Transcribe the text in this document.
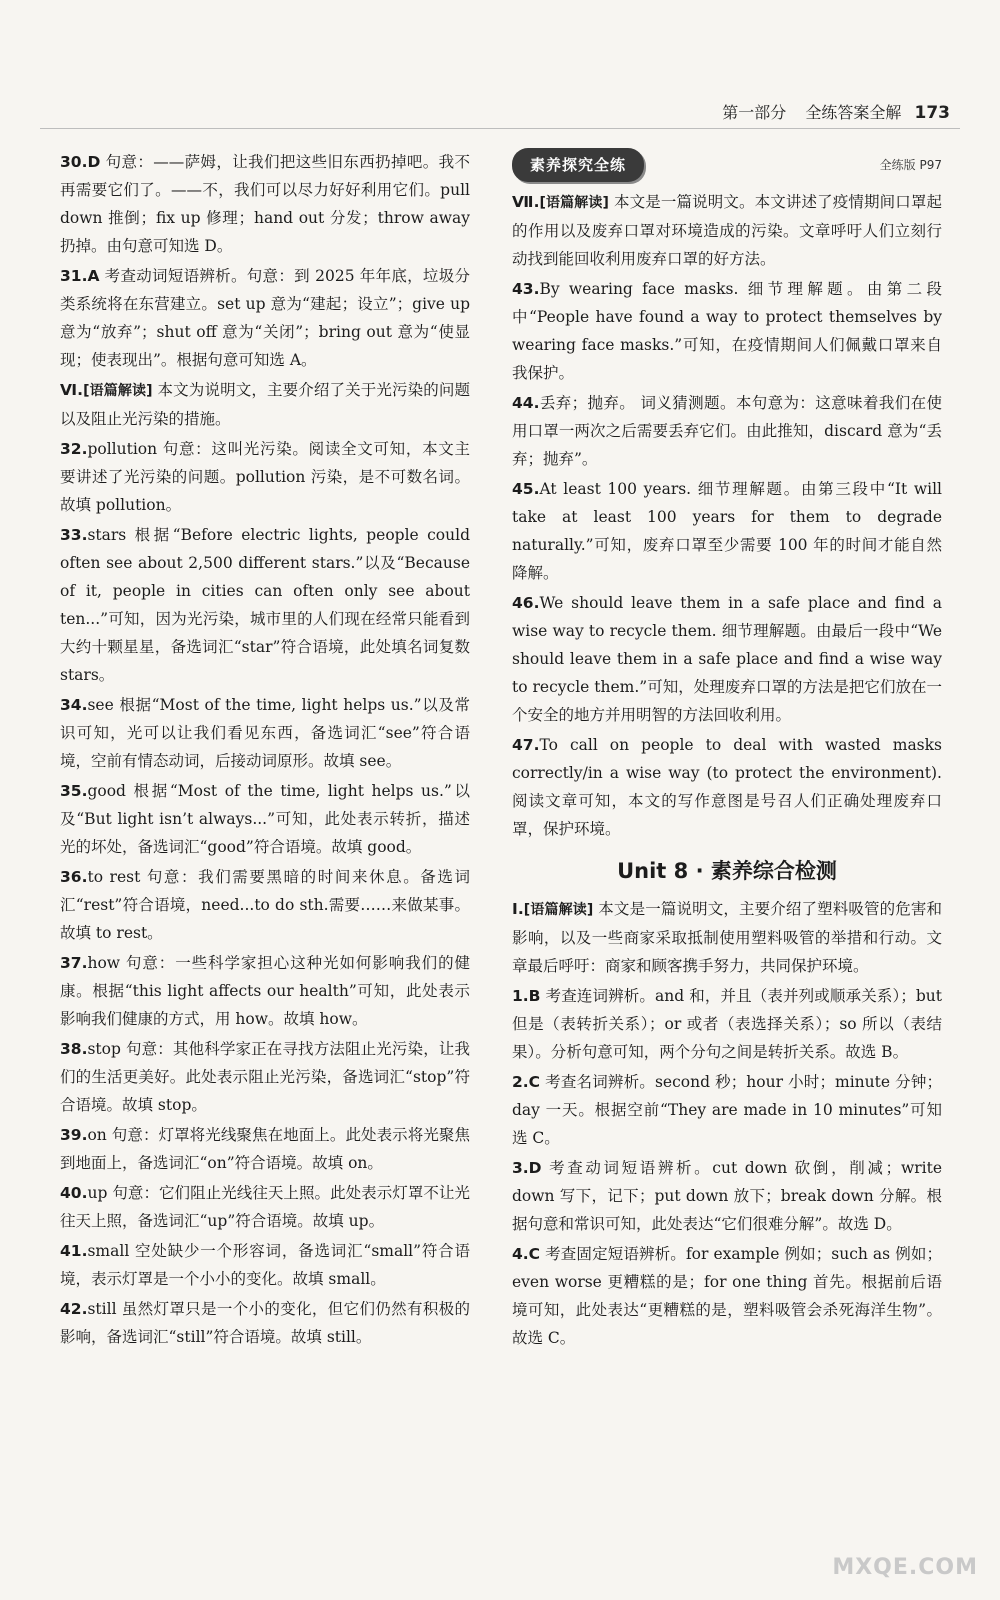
第一部分 全练答案全解 173

30.D 句意：——萨姆，让我们把这些旧东西扔掉吧。我不再需要它们了。——不，我们可以尽力好好利用它们。pull down 推倒；fix up 修理；hand out 分发；throw away 扔掉。由句意可知选 D。

31.A 考查动词短语辨析。句意：到 2025 年年底，垃圾分类系统将在东营建立。set up 意为“建起；设立”；give up 意为“放弃”；shut off 意为“关闭”；bring out 意为“使显现；使表现出”。根据句意可知选 A。

Ⅵ.[语篇解读] 本文为说明文，主要介绍了关于光污染的问题以及阻止光污染的措施。

32.pollution 句意：这叫光污染。阅读全文可知，本文主要讲述了光污染的问题。pollution 污染，是不可数名词。故填 pollution。

33.stars 根据“Before electric lights, people could often see about 2,500 different stars.”以及“Because of it, people in cities can often only see about ten...”可知，因为光污染，城市里的人们现在经常只能看到大约十颗星星，备选词汇“star”符合语境，此处填名词复数 stars。

34.see 根据“Most of the time, light helps us.”以及常识可知，光可以让我们看见东西，备选词汇“see”符合语境，空前有情态动词，后接动词原形。故填 see。

35.good 根据“Most of the time, light helps us.”以及“But light isn’t always...”可知，此处表示转折，描述光的坏处，备选词汇“good”符合语境。故填 good。

36.to rest 句意：我们需要黑暗的时间来休息。备选词汇“rest”符合语境，need...to do sth.需要……来做某事。故填 to rest。

37.how 句意：一些科学家担心这种光如何影响我们的健康。根据“this light affects our health”可知，此处表示影响我们健康的方式，用 how。故填 how。

38.stop 句意：其他科学家正在寻找方法阻止光污染，让我们的生活更美好。此处表示阻止光污染，备选词汇“stop”符合语境。故填 stop。

39.on 句意：灯罩将光线聚焦在地面上。此处表示将光聚焦到地面上，备选词汇“on”符合语境。故填 on。

40.up 句意：它们阻止光线往天上照。此处表示灯罩不让光往天上照，备选词汇“up”符合语境。故填 up。

41.small 空处缺少一个形容词，备选词汇“small”符合语境，表示灯罩是一个小小的变化。故填 small。

42.still 虽然灯罩只是一个小的变化，但它们仍然有积极的影响，备选词汇“still”符合语境。故填 still。

素养探究全练	全练版 P97

Ⅶ.[语篇解读] 本文是一篇说明文。本文讲述了疫情期间口罩起的作用以及废弃口罩对环境造成的污染。文章呼吁人们立刻行动找到能回收利用废弃口罩的好方法。

43.By wearing face masks. 细节理解题。由第二段中“People have found a way to protect themselves by wearing face masks.”可知，在疫情期间人们佩戴口罩来自我保护。

44.丢弃；抛弃。 词义猜测题。本句意为：这意味着我们在使用口罩一两次之后需要丢弃它们。由此推知，discard 意为“丢弃；抛弃”。

45.At least 100 years. 细节理解题。由第三段中“It will take at least 100 years for them to degrade naturally.”可知，废弃口罩至少需要 100 年的时间才能自然降解。

46.We should leave them in a safe place and find a wise way to recycle them. 细节理解题。由最后一段中“We should leave them in a safe place and find a wise way to recycle them.”可知，处理废弃口罩的方法是把它们放在一个安全的地方并用明智的方法回收利用。

47.To call on people to deal with wasted masks correctly/in a wise way (to protect the environment). 阅读文章可知，本文的写作意图是号召人们正确处理废弃口罩，保护环境。

Unit 8 · 素养综合检测

Ⅰ.[语篇解读] 本文是一篇说明文，主要介绍了塑料吸管的危害和影响，以及一些商家采取抵制使用塑料吸管的举措和行动。文章最后呼吁：商家和顾客携手努力，共同保护环境。

1.B 考查连词辨析。and 和，并且（表并列或顺承关系）；but 但是（表转折关系）；or 或者（表选择关系）；so 所以（表结果）。分析句意可知，两个分句之间是转折关系。故选 B。

2.C 考查名词辨析。second 秒；hour 小时；minute 分钟；day 一天。根据空前“They are made in 10 minutes”可知选 C。

3.D 考查动词短语辨析。cut down 砍倒，削减；write down 写下，记下；put down 放下；break down 分解。根据句意和常识可知，此处表达“它们很难分解”。故选 D。

4.C 考查固定短语辨析。for example 例如；such as 例如；even worse 更糟糕的是；for one thing 首先。根据前后语境可知，此处表达“更糟糕的是，塑料吸管会杀死海洋生物”。故选 C。

MXQE.COM
